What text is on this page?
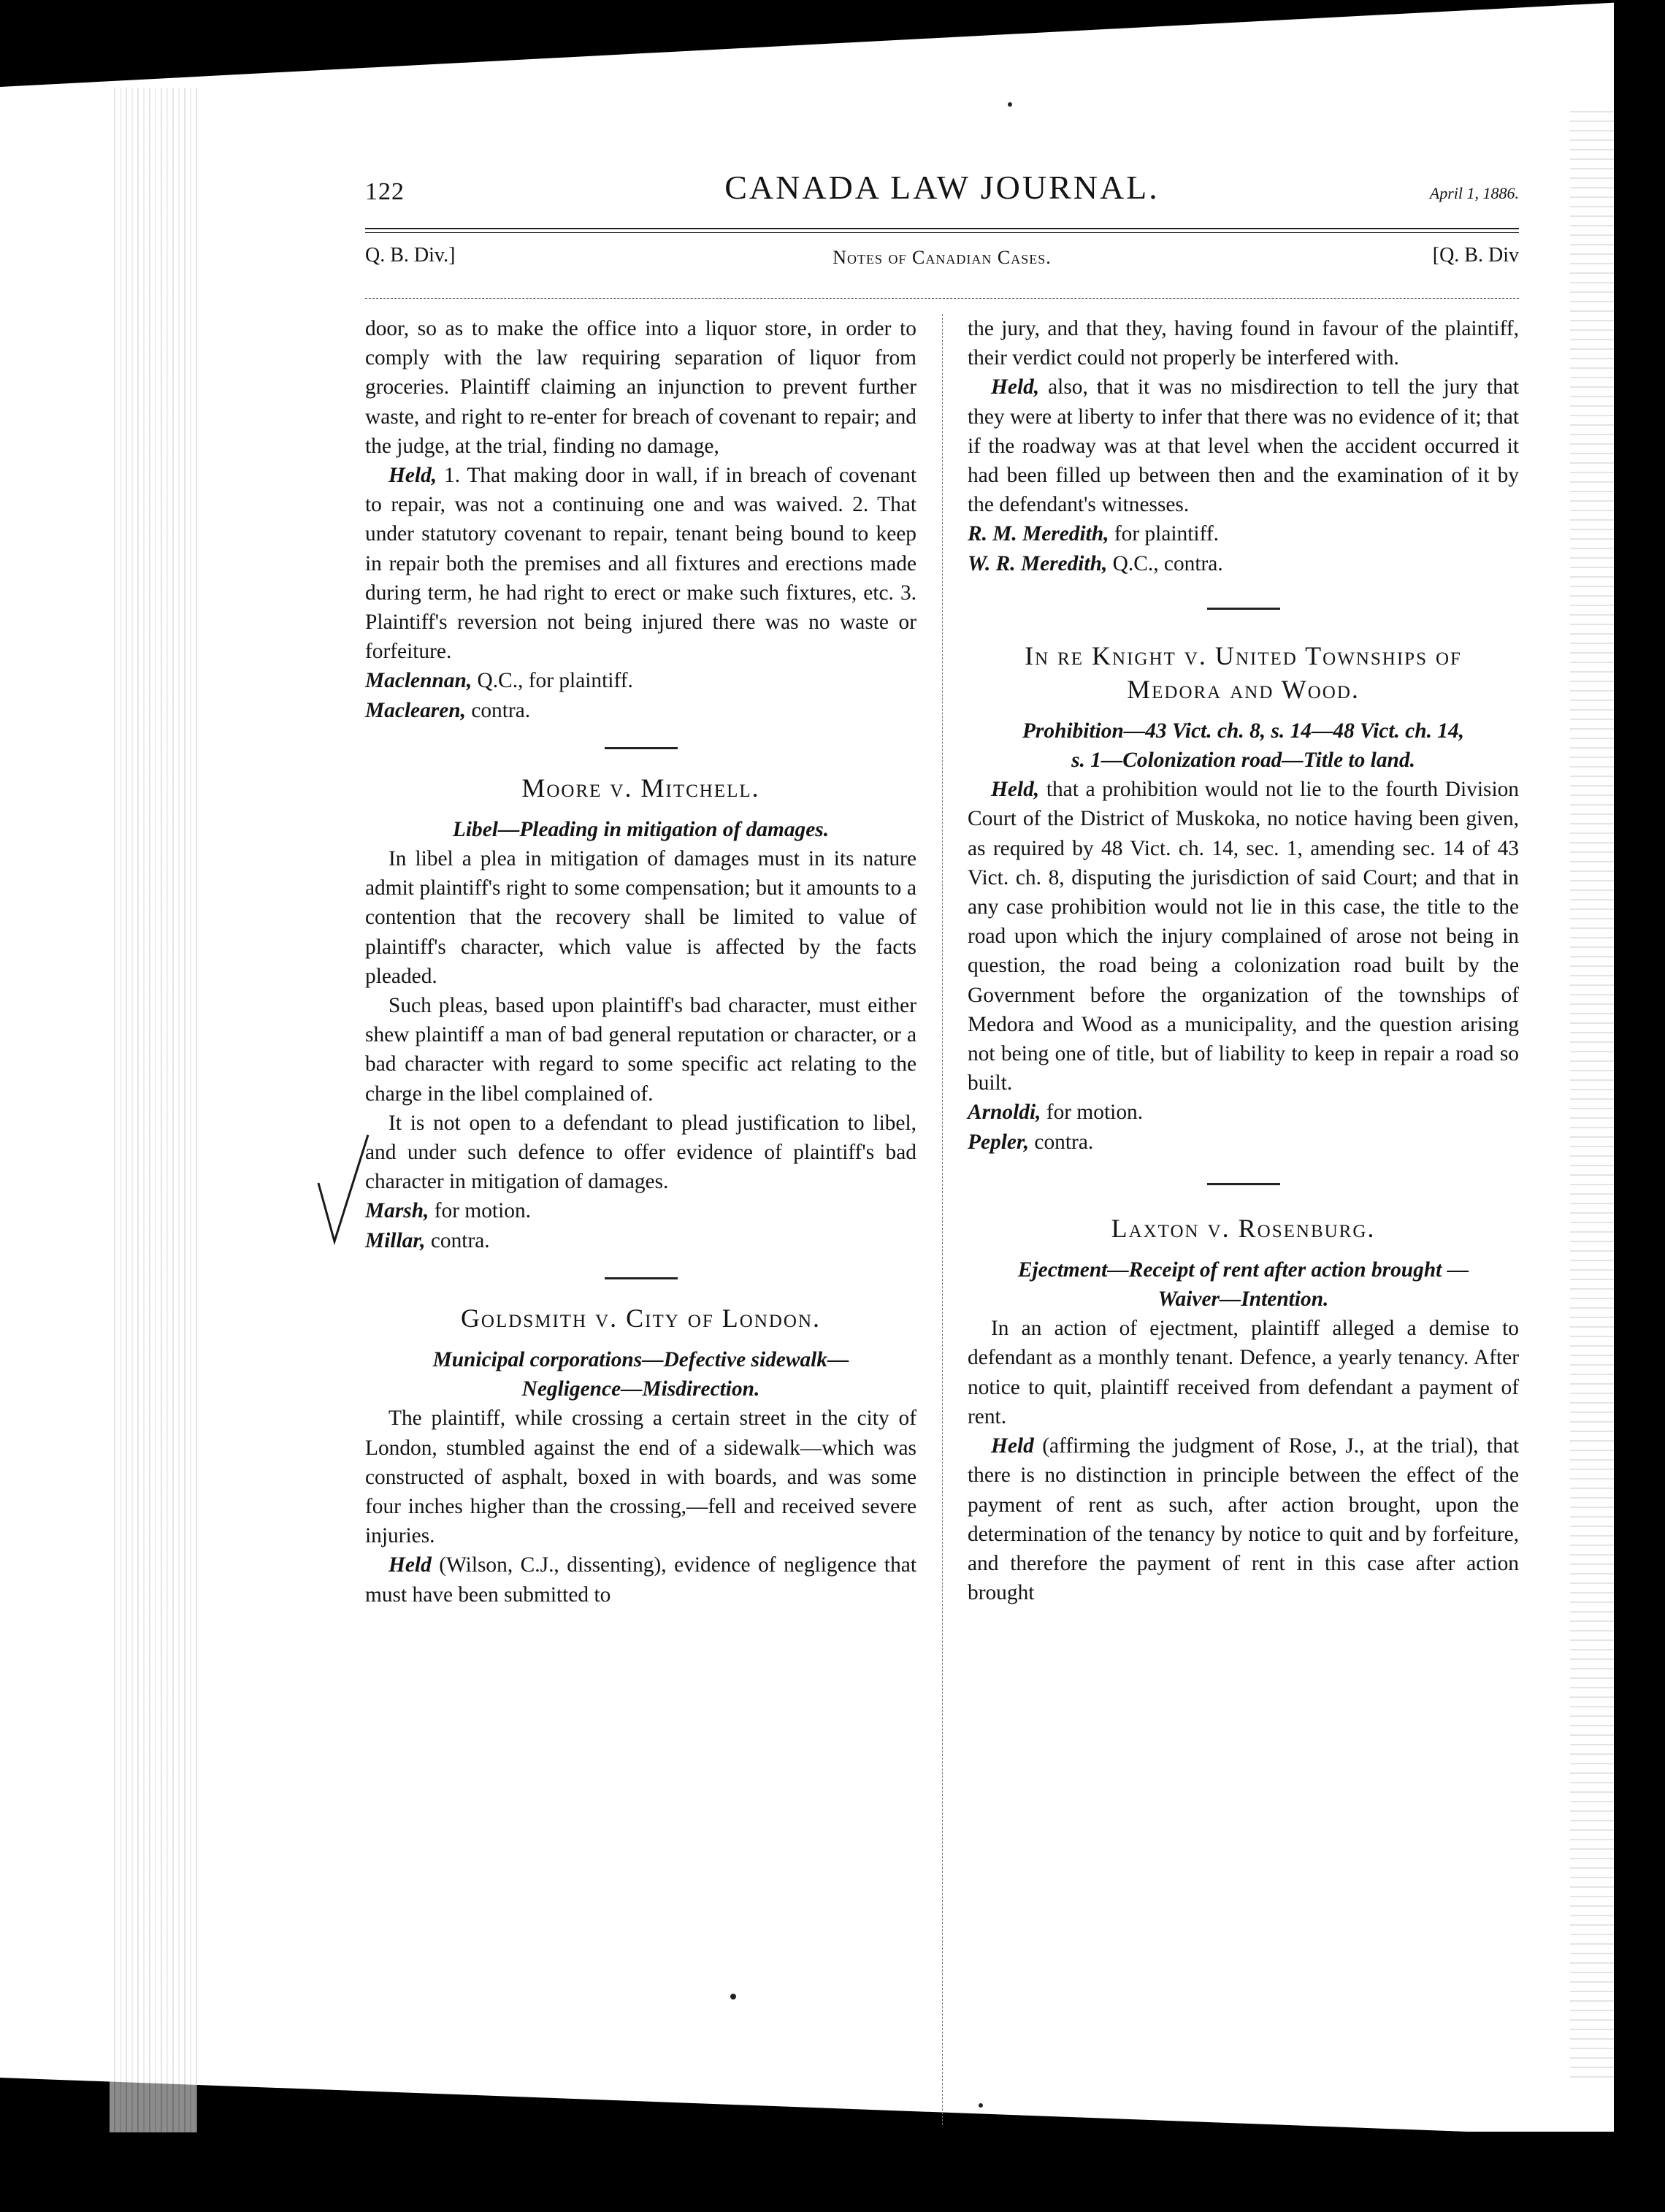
122	CANADA LAW JOURNAL.	April 1, 1886.
Q. B. Div.]	Notes of Canadian Cases.	[Q. B. Div

door, so as to make the office into a liquor store, in order to comply with the law requiring separation of liquor from groceries. Plaintiff claiming an injunction to prevent further waste, and right to re-enter for breach of covenant to repair; and the judge, at the trial, finding no damage,

Held, 1. That making door in wall, if in breach of covenant to repair, was not a continuing one and was waived. 2. That under statutory covenant to repair, tenant being bound to keep in repair both the premises and all fixtures and erections made during term, he had right to erect or make such fixtures, etc. 3. Plaintiff's reversion not being injured there was no waste or forfeiture.

Maclennan, Q.C., for plaintiff.

Maclearen, contra.

Moore v. Mitchell.

Libel—Pleading in mitigation of damages.

In libel a plea in mitigation of damages must in its nature admit plaintiff's right to some compensation; but it amounts to a contention that the recovery shall be limited to value of plaintiff's character, which value is affected by the facts pleaded.

Such pleas, based upon plaintiff's bad character, must either shew plaintiff a man of bad general reputation or character, or a bad character with regard to some specific act relating to the charge in the libel complained of.

It is not open to a defendant to plead justification to libel, and under such defence to offer evidence of plaintiff's bad character in mitigation of damages.

Marsh, for motion.

Millar, contra.

Goldsmith v. City of London.

Municipal corporations—Defective sidewalk—

Negligence—Misdirection.

The plaintiff, while crossing a certain street in the city of London, stumbled against the end of a sidewalk—which was constructed of asphalt, boxed in with boards, and was some four inches higher than the crossing,—fell and received severe injuries.

Held (Wilson, C.J., dissenting), evidence of negligence that must have been submitted to

the jury, and that they, having found in favour of the plaintiff, their verdict could not properly be interfered with.

Held, also, that it was no misdirection to tell the jury that they were at liberty to infer that there was no evidence of it; that if the roadway was at that level when the accident occurred it had been filled up between then and the examination of it by the defendant's witnesses.

R. M. Meredith, for plaintiff.

W. R. Meredith, Q.C., contra.

In re Knight v. United Townships of
Medora and Wood.

Prohibition—43 Vict. ch. 8, s. 14—48 Vict. ch. 14,

s. 1—Colonization road—Title to land.

Held, that a prohibition would not lie to the fourth Division Court of the District of Muskoka, no notice having been given, as required by 48 Vict. ch. 14, sec. 1, amending sec. 14 of 43 Vict. ch. 8, disputing the jurisdiction of said Court; and that in any case prohibition would not lie in this case, the title to the road upon which the injury complained of arose not being in question, the road being a colonization road built by the Government before the organization of the townships of Medora and Wood as a municipality, and the question arising not being one of title, but of liability to keep in repair a road so built.

Arnoldi, for motion.

Pepler, contra.

Laxton v. Rosenburg.

Ejectment—Receipt of rent after action brought —

Waiver—Intention.

In an action of ejectment, plaintiff alleged a demise to defendant as a monthly tenant. Defence, a yearly tenancy. After notice to quit, plaintiff received from defendant a payment of rent.

Held (affirming the judgment of Rose, J., at the trial), that there is no distinction in principle between the effect of the payment of rent as such, after action brought, upon the determination of the tenancy by notice to quit and by forfeiture, and therefore the payment of rent in this case after action brought
